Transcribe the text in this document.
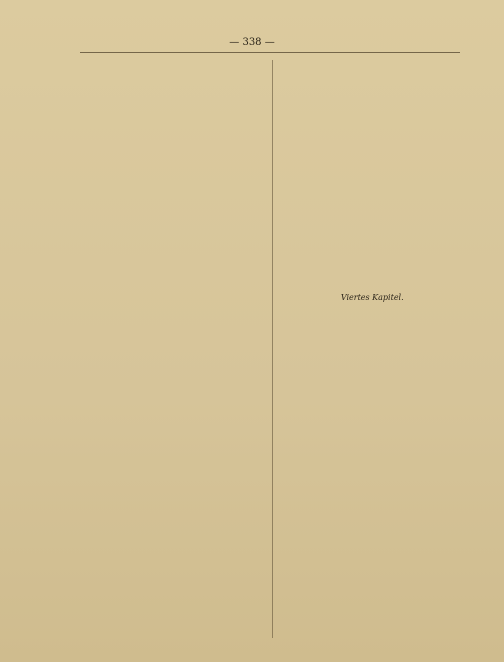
— 338 —
Viertes Kapitel.
